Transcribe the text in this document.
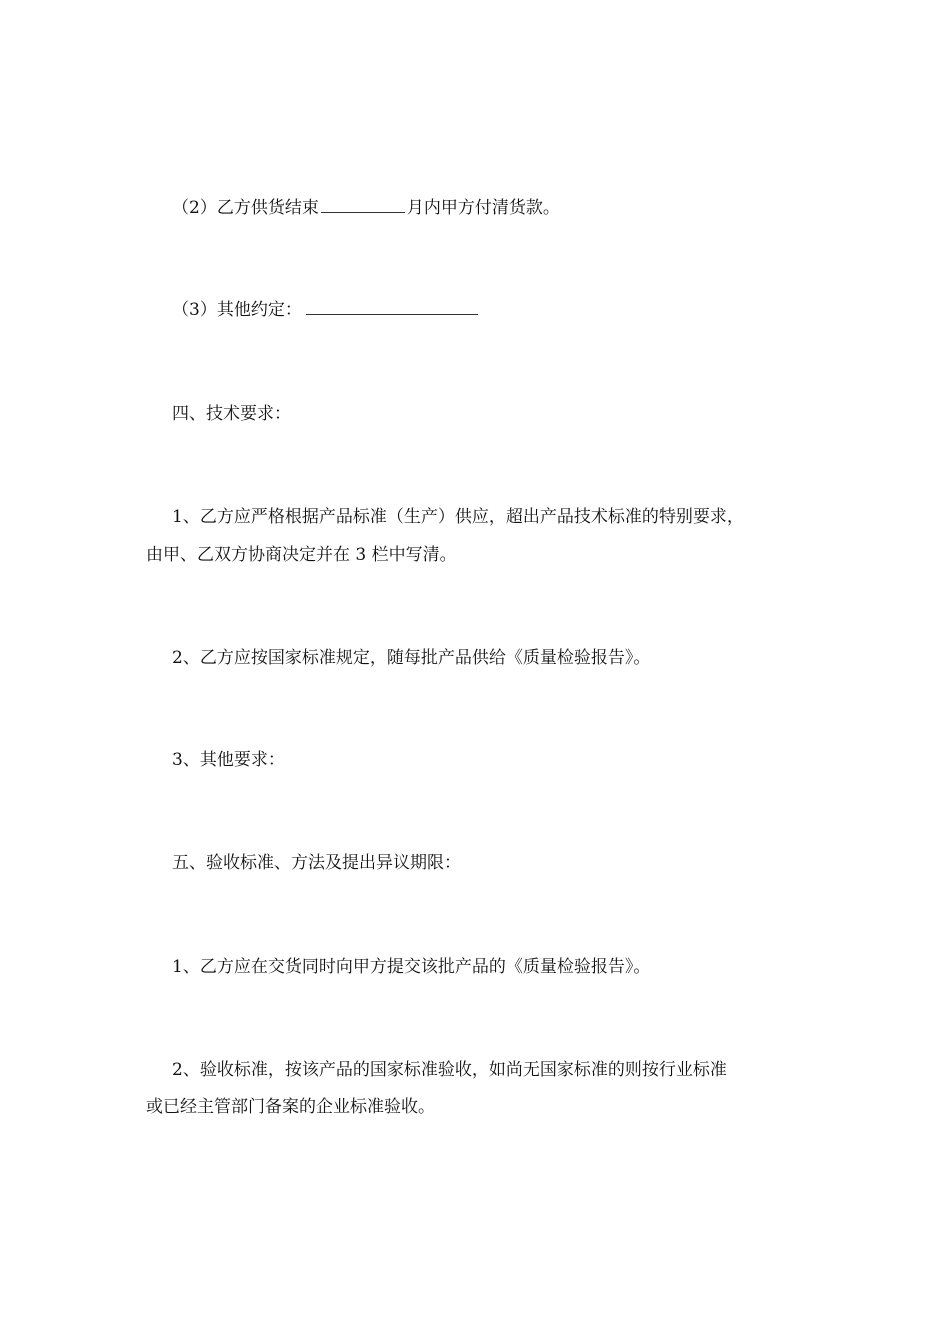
（2）乙方供货结束	月内甲方付清货款。
（3）其他约定：
四、技术要求：
1、乙方应严格根据产品标准（生产）供应，超出产品技术标准的特别要求，
由甲、乙双方协商决定并在 3 栏中写清。
2、乙方应按国家标准规定，随每批产品供给《质量检验报告》。
3、其他要求：
五、验收标准、方法及提出异议期限：
1、乙方应在交货同时向甲方提交该批产品的《质量检验报告》。
2、验收标准，按该产品的国家标准验收，如尚无国家标准的则按行业标准
或已经主管部门备案的企业标准验收。
